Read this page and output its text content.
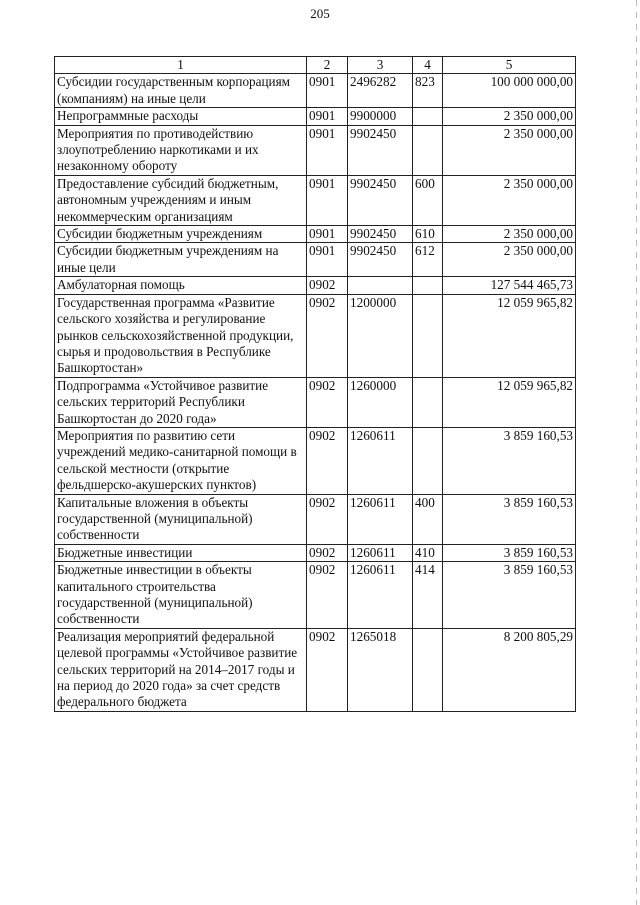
205
1	2	3	4	5
Субсидии государственным корпорациям (компаниям) на иные цели	0901	2496282	823	100 000 000,00
Непрограммные расходы	0901	9900000		2 350 000,00
Мероприятия по противодействию злоупотреблению наркотиками и их незаконному обороту	0901	9902450		2 350 000,00
Предоставление субсидий бюджетным, автономным учреждениям и иным некоммерческим организациям	0901	9902450	600	2 350 000,00
Субсидии бюджетным учреждениям	0901	9902450	610	2 350 000,00
Субсидии бюджетным учреждениям на иные цели	0901	9902450	612	2 350 000,00
Амбулаторная помощь	0902			127 544 465,73
Государственная программа «Развитие сельского хозяйства и регулирование рынков сельскохозяйственной продукции, сырья и продовольствия в Республике Башкортостан»	0902	1200000		12 059 965,82
Подпрограмма «Устойчивое развитие сельских территорий Республики Башкортостан до 2020 года»	0902	1260000		12 059 965,82
Мероприятия по развитию сети учреждений медико-санитарной помощи в сельской местности (открытие фельдшерско-акушерских пунктов)	0902	1260611		3 859 160,53
Капитальные вложения в объекты государственной (муниципальной) собственности	0902	1260611	400	3 859 160,53
Бюджетные инвестиции	0902	1260611	410	3 859 160,53
Бюджетные инвестиции в объекты капитального строительства государственной (муниципальной) собственности	0902	1260611	414	3 859 160,53
Реализация мероприятий федеральной целевой программы «Устойчивое развитие сельских территорий на 2014–2017 годы и на период до 2020 года» за счет средств федерального бюджета	0902	1265018		8 200 805,29
